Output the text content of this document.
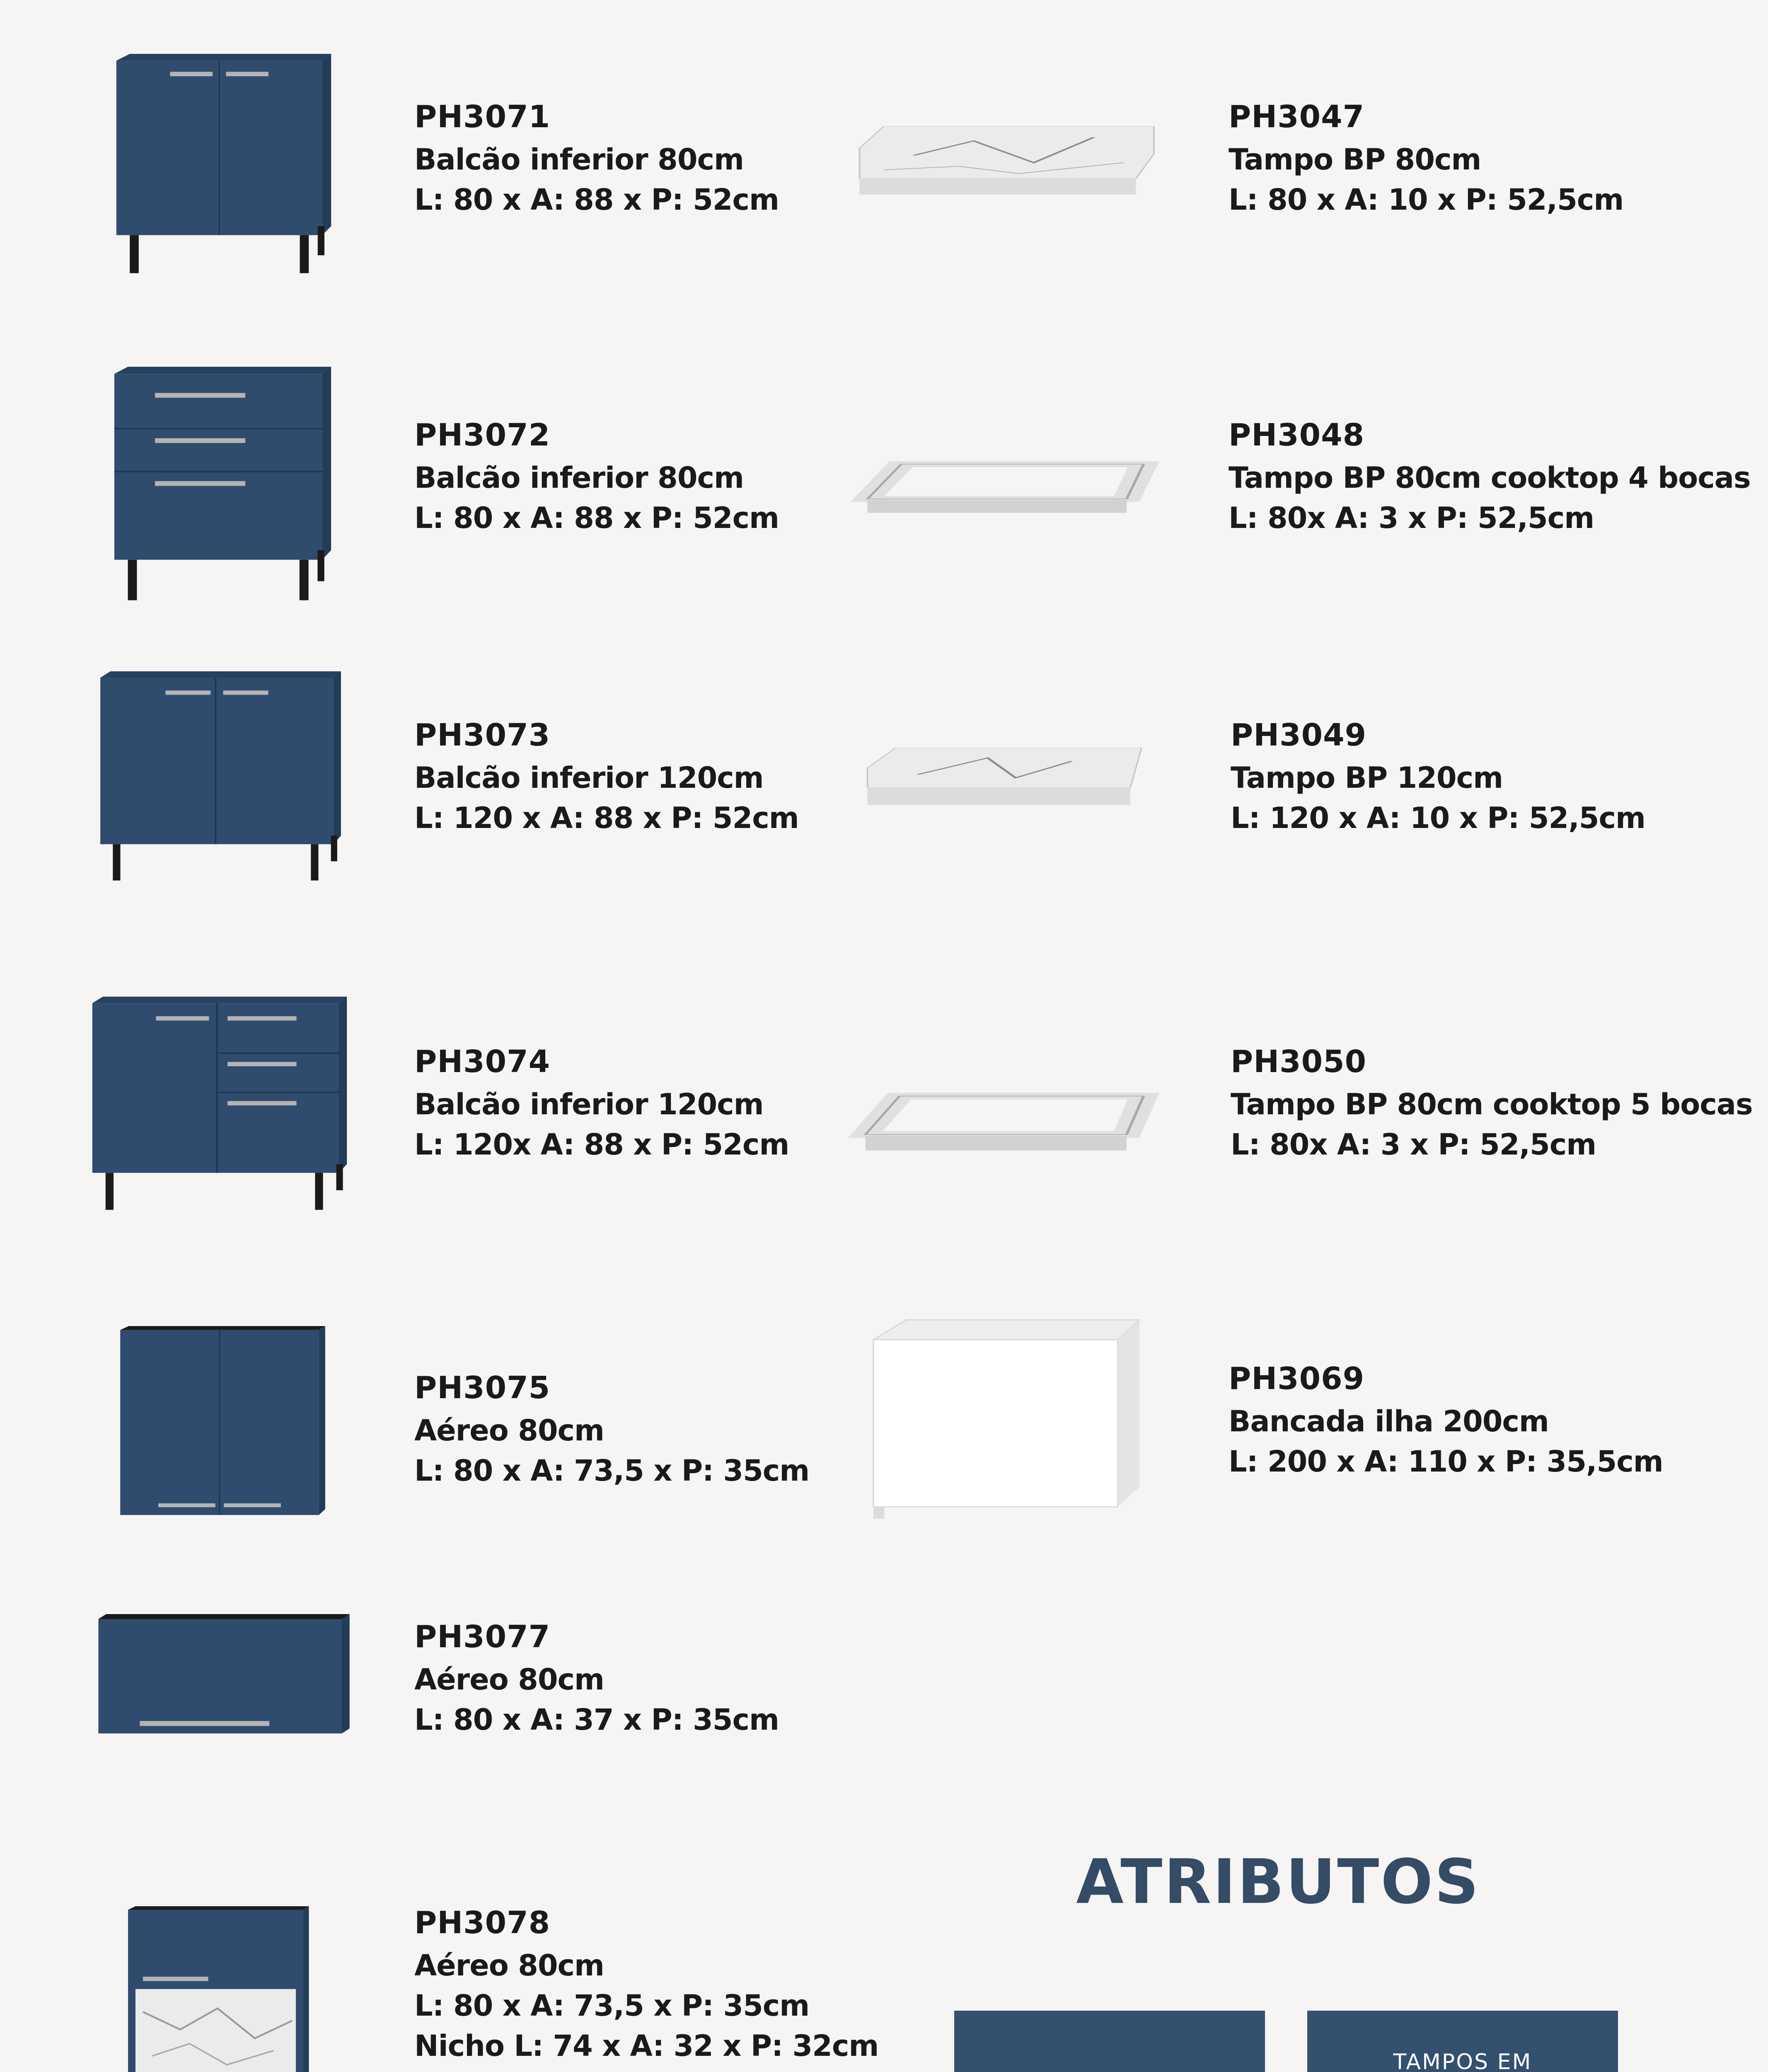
PH3071
Balcão inferior 80cm
L: 80 x A: 88 x P: 52cm
PH3072
Balcão inferior 80cm
L: 80 x A: 88 x P: 52cm
PH3073
Balcão inferior 120cm
L: 120 x A: 88 x P: 52cm
PH3074
Balcão inferior 120cm
L: 120x A: 88 x P: 52cm
PH3075
Aéreo 80cm
L: 80 x A: 73,5 x P: 35cm
PH3077
Aéreo 80cm
L: 80 x A: 37 x P: 35cm
PH3078
Aéreo 80cm
L: 80 x A: 73,5 x P: 35cm
Nicho L: 74 x A: 32 x P: 32cm
PH3047
Tampo BP 80cm
L: 80 x A: 10 x P: 52,5cm
PH3048
Tampo BP 80cm cooktop 4 bocas
L: 80x A: 3 x P: 52,5cm
PH3049
Tampo BP 120cm
L: 120 x A: 10 x P: 52,5cm
PH3050
Tampo BP 80cm cooktop 5 bocas
L: 80x A: 3 x P: 52,5cm
PH3069
Bancada ilha 200cm
L: 200 x A: 110 x P: 35,5cm
ATRIBUTOS
TAMPOS EM
